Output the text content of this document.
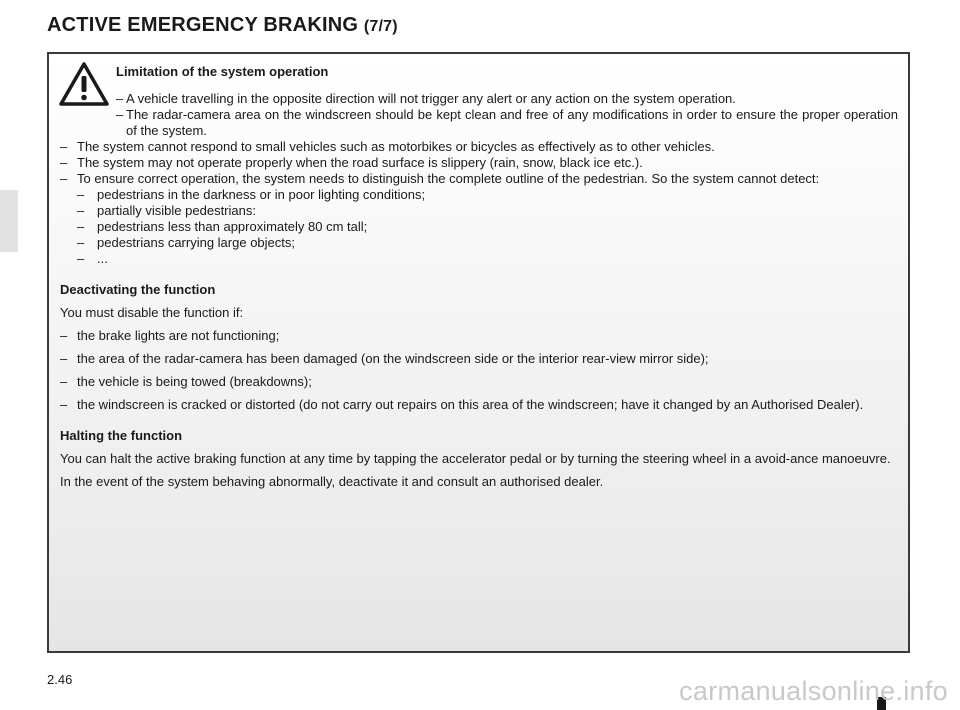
ACTIVE EMERGENCY BRAKING (7/7)

Limitation of the system operation

– A vehicle travelling in the opposite direction will not trigger any alert or any action on the system operation.

– The radar-camera area on the windscreen should be kept clean and free of any modifications in order to ensure the proper operation of the system.

– The system cannot respond to small vehicles such as motorbikes or bicycles as effectively as to other vehicles.

– The system may not operate properly when the road surface is slippery (rain, snow, black ice etc.).

– To ensure correct operation, the system needs to distinguish the complete outline of the pedestrian. So the system cannot detect:

– pedestrians in the darkness or in poor lighting conditions;

– partially visible pedestrians:

– pedestrians less than approximately 80 cm tall;

– pedestrians carrying large objects;

– ...

Deactivating the function

You must disable the function if:

– the brake lights are not functioning;

– the area of the radar-camera has been damaged (on the windscreen side or the interior rear-view mirror side);

– the vehicle is being towed (breakdowns);

– the windscreen is cracked or distorted (do not carry out repairs on this area of the windscreen; have it changed by an Authorised Dealer).

Halting the function

You can halt the active braking function at any time by tapping the accelerator pedal or by turning the steering wheel in a avoid-ance manoeuvre.

In the event of the system behaving abnormally, deactivate it and consult an authorised dealer.

2.46	carmanualsonline.info
